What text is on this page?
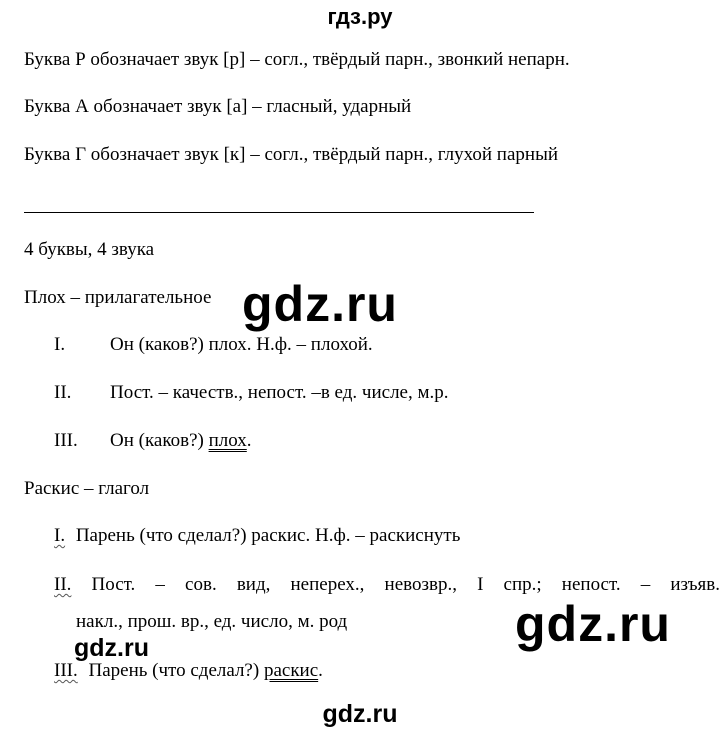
гдз.ру
Буква Р обозначает звук [р] – согл., твёрдый парн., звонкий непарн.
Буква А обозначает звук [а] – гласный, ударный
Буква Г обозначает звук [к] – согл., твёрдый парн., глухой парный
4 буквы, 4 звука
Плох – прилагательное
I. Он (каков?) плох. Н.ф. – плохой.
II. Пост. – качеств., непост. –в ед. числе, м.р.
III. Он (каков?) плох.
Раскис – глагол
I. Парень (что сделал?) раскис. Н.ф. – раскиснуть
II. Пост. – сов. вид, неперех., невозвр., I спр.; непост. – изъяв.
накл., прош. вр., ед. число, м. род
III. Парень (что сделал?) раскис.
gdz.ru
gdz.ru
gdz.ru
gdz.ru
